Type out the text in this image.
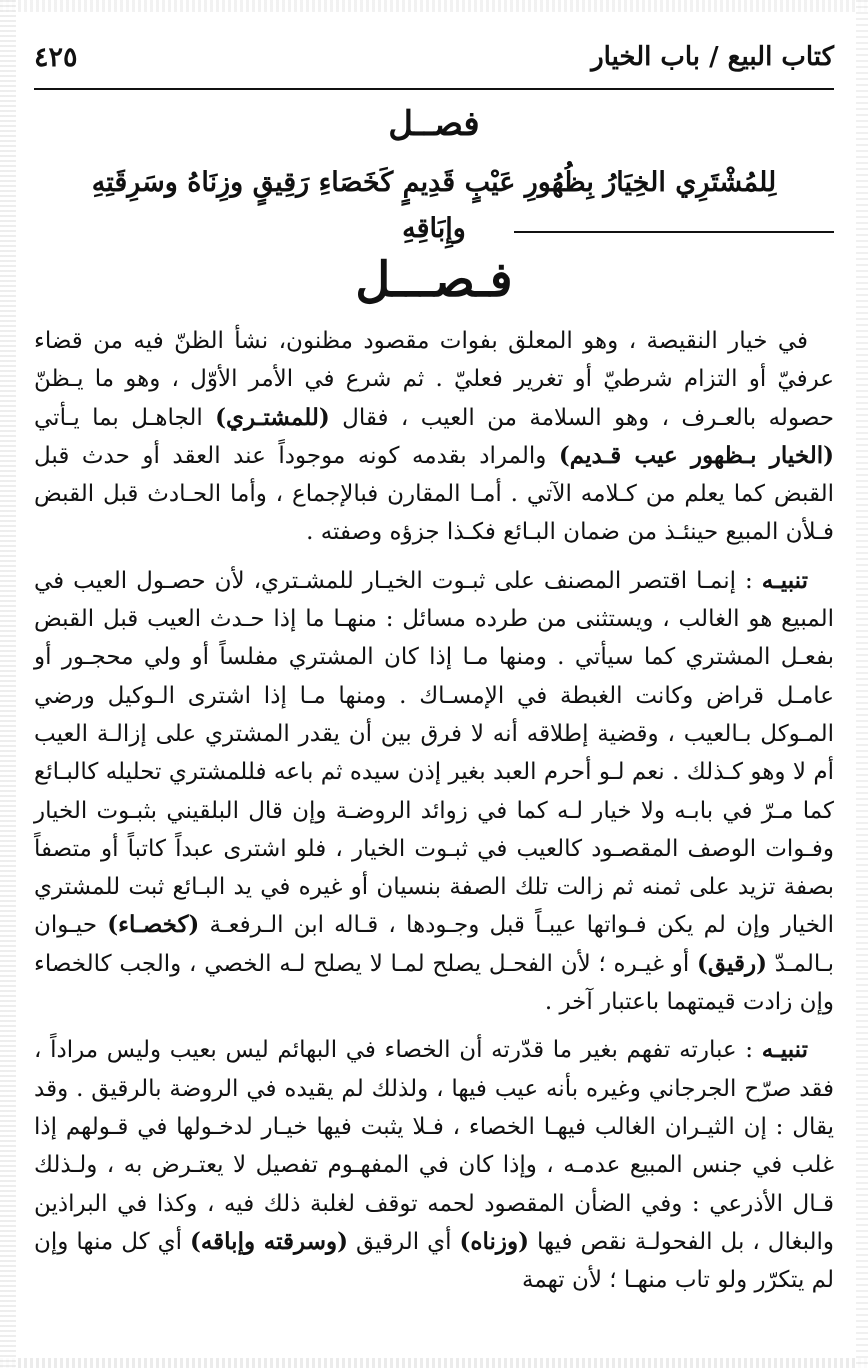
كتاب البيع / باب الخيار
٤٢٥
فصــل
لِلمُشْتَرِي الخِيَارُ بِظُهُورِ عَيْبٍ قَدِيمٍ كَخَصَاءِ رَقِيقٍ وزِنَاهُ وسَرِقَتِهِ وإِبَاقِهِ
فـصـــل

في خيار النقيصة ، وهو المعلق بفوات مقصود مظنون، نشأ الظنّ فيه من قضاء عرفيّ أو التزام شرطيّ أو تغرير فعليّ . ثم شرع في الأمر الأوّل ، وهو ما يـظنّ حصوله بالعـرف ، وهو السلامة من العيب ، فقال (للمشتـري) الجاهـل بما يـأتي (الخيار بـظهور عيب قـديم) والمراد بقدمه كونه موجوداً عند العقد أو حدث قبل القبض كما يعلم من كـلامه الآتي . أمـا المقارن فبالإجماع ، وأما الحـادث قبل القبض فـلأن المبيع حينئـذ من ضمان البـائع فكـذا جزؤه وصفته .

تنبيـه : إنمـا اقتصر المصنف على ثبـوت الخيـار للمشـتري، لأن حصـول العيب في المبيع هو الغالب ، ويستثنى من طرده مسائل : منهـا ما إذا حـدث العيب قبل القبض بفعـل المشتري كما سيأتي . ومنها مـا إذا كان المشتري مفلساً أو ولي محجـور أو عامـل قراض وكانت الغبطة في الإمسـاك . ومنها مـا إذا اشترى الـوكيل ورضي المـوكل بـالعيب ، وقضية إطلاقه أنه لا فرق بين أن يقدر المشتري على إزالـة العيب أم لا وهو كـذلك . نعم لـو أحرم العبد بغير إذن سيده ثم باعه فللمشتري تحليله كالبـائع كما مـرّ في بابـه ولا خيار لـه كما في زوائد الروضـة وإن قال البلقيني بثبـوت الخيار وفـوات الوصف المقصـود كالعيب في ثبـوت الخيار ، فلو اشترى عبداً كاتباً أو متصفاً بصفة تزيد على ثمنه ثم زالت تلك الصفة بنسيان أو غيره في يد البـائع ثبت للمشتري الخيار وإن لم يكن فـواتها عيبـاً قبل وجـودها ، قـاله ابن الـرفعـة (كخصـاء) حيـوان بـالمـدّ (رقيق) أو غيـره ؛ لأن الفحـل يصلح لمـا لا يصلح لـه الخصي ، والجب كالخصاء وإن زادت قيمتهما باعتبار آخر .

تنبيـه : عبارته تفهم بغير ما قدّرته أن الخصاء في البهائم ليس بعيب وليس مراداً ، فقد صرّح الجرجاني وغيره بأنه عيب فيها ، ولذلك لم يقيده في الروضة بالرقيق . وقد يقال : إن الثيـران الغالب فيهـا الخصاء ، فـلا يثبت فيها خيـار لدخـولها في قـولهم إذا غلب في جنس المبيع عدمـه ، وإذا كان في المفهـوم تفصيل لا يعتـرض به ، ولـذلك قـال الأذرعي : وفي الضأن المقصود لحمه توقف لغلبة ذلك فيه ، وكذا في البراذين والبغال ، بل الفحولـة نقص فيها (وزناه) أي الرقيق (وسرقته وإباقه) أي كل منها وإن لم يتكرّر ولو تاب منهـا ؛ لأن تهمة
